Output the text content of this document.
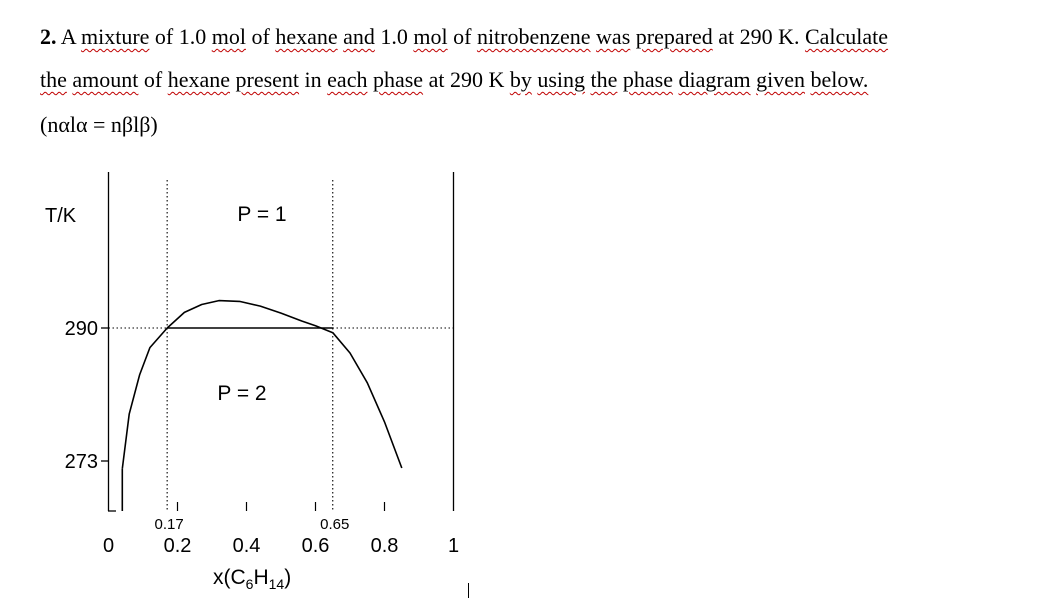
2. A mixture of 1.0 mol of hexane and 1.0 mol of nitrobenzene was prepared at 290 K. Calculate
the amount of hexane present in each phase at 290 K by using the phase diagram given below.
(nαlα = nβlβ)
T/K
290
273
0 0.2 0.4 0.6 0.8 1
P = 1
P = 2
0.17	0.65
$x(C_6H_{14})$
